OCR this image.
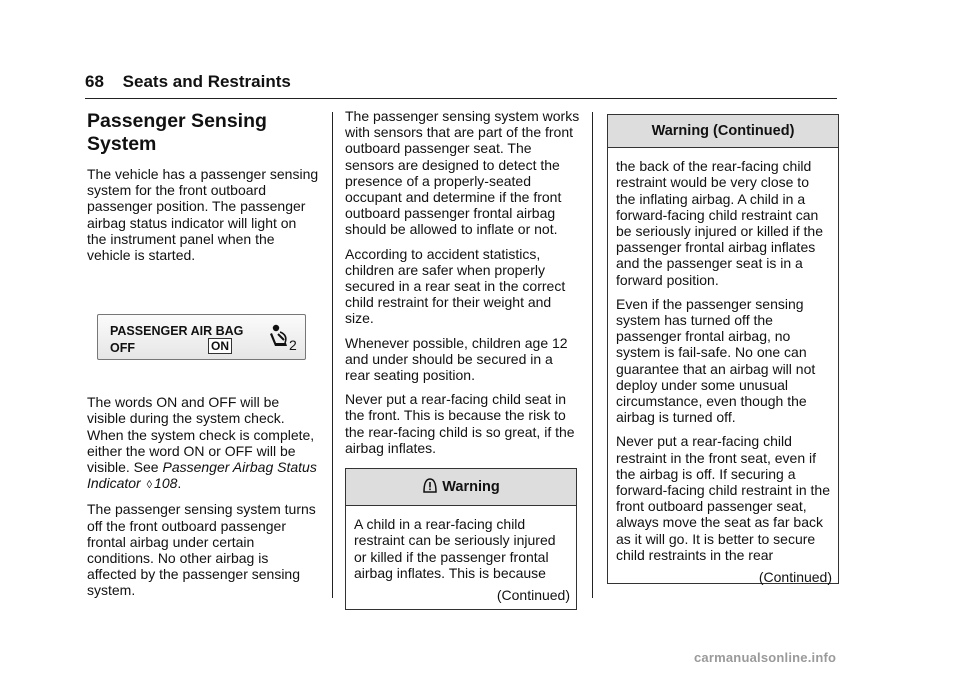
68 Seats and Restraints
Passenger Sensing System

The vehicle has a passenger sensing system for the front outboard passenger position. The passenger airbag status indicator will light on the instrument panel when the vehicle is started.

PASSENGER AIR BAG
OFF	ON	2

The words ON and OFF will be visible during the system check. When the system check is complete, either the word ON or OFF will be visible. See Passenger Airbag Status Indicator ◊ 108.

The passenger sensing system turns off the front outboard passenger frontal airbag under certain conditions. No other airbag is affected by the passenger sensing system.

The passenger sensing system works with sensors that are part of the front outboard passenger seat. The sensors are designed to detect the presence of a properly-seated occupant and determine if the front outboard passenger frontal airbag should be allowed to inflate or not.

According to accident statistics, children are safer when properly secured in a rear seat in the correct child restraint for their weight and size.

Whenever possible, children age 12 and under should be secured in a rear seating position.

Never put a rear-facing child seat in the front. This is because the risk to the rear-facing child is so great, if the airbag inflates.

Warning

A child in a rear-facing child restraint can be seriously injured or killed if the passenger frontal airbag inflates. This is because

(Continued)
Warning (Continued)

the back of the rear-facing child restraint would be very close to the inflating airbag. A child in a forward-facing child restraint can be seriously injured or killed if the passenger frontal airbag inflates and the passenger seat is in a forward position.

Even if the passenger sensing system has turned off the passenger frontal airbag, no system is fail-safe. No one can guarantee that an airbag will not deploy under some unusual circumstance, even though the airbag is turned off.

Never put a rear-facing child restraint in the front seat, even if the airbag is off. If securing a forward-facing child restraint in the front outboard passenger seat, always move the seat as far back as it will go. It is better to secure child restraints in the rear

(Continued)
carmanualsonline.info
